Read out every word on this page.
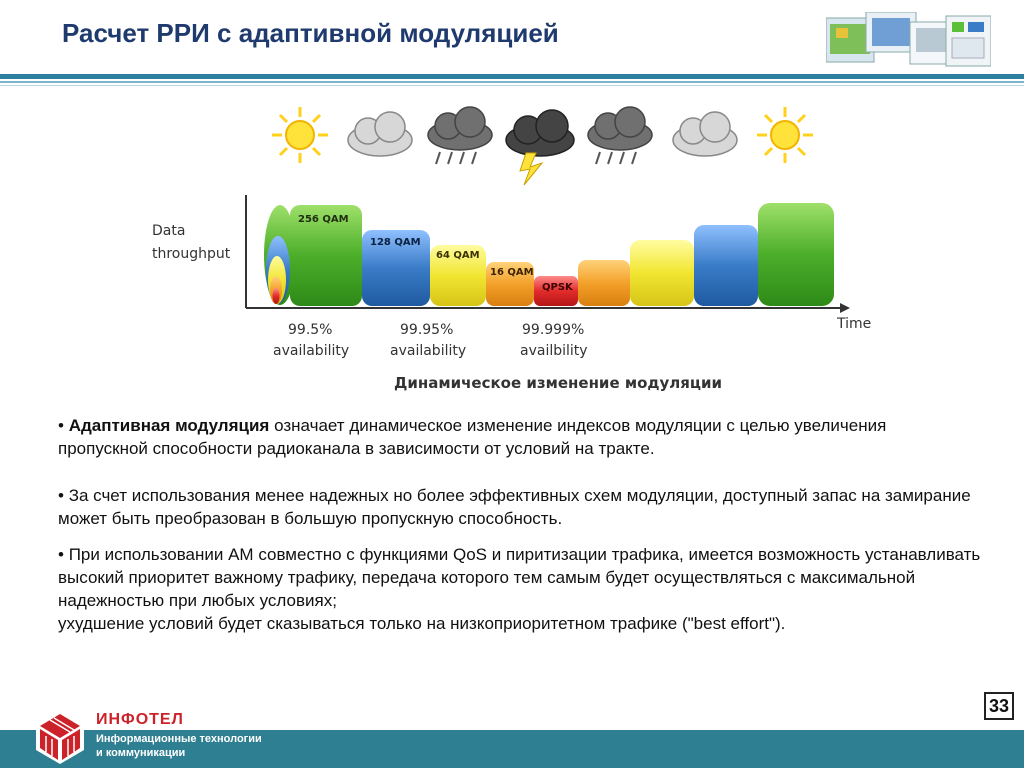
Расчет РРИ с адаптивной модуляцией
Data
throughput
Time
256 QAM
128 QAM
64 QAM
16 QAM
QPSK
99.5%
availability
99.95%
availability
99.999%
availbility
Динамическое изменение модуляции

• Адаптивная модуляция означает динамическое изменение индексов модуляции с целью увеличения пропускной способности радиоканала в зависимости от условий на тракте.

• За счет использования менее надежных но более эффективных схем модуляции, доступный запас на замирание может быть преобразован в большую пропускную способность.

• При использовании АМ совместно с функциями QoS и пиритизации трафика, имеется возможность устанавливать высокий приоритет важному трафику, передача которого тем самым будет осуществляться с максимальной надежностью при любых условиях;
ухудшение условий будет сказываться только на низкоприоритетном трафике ("best effort").

33
ИНФОТЕЛ
Информационные технологии
и коммуникации
